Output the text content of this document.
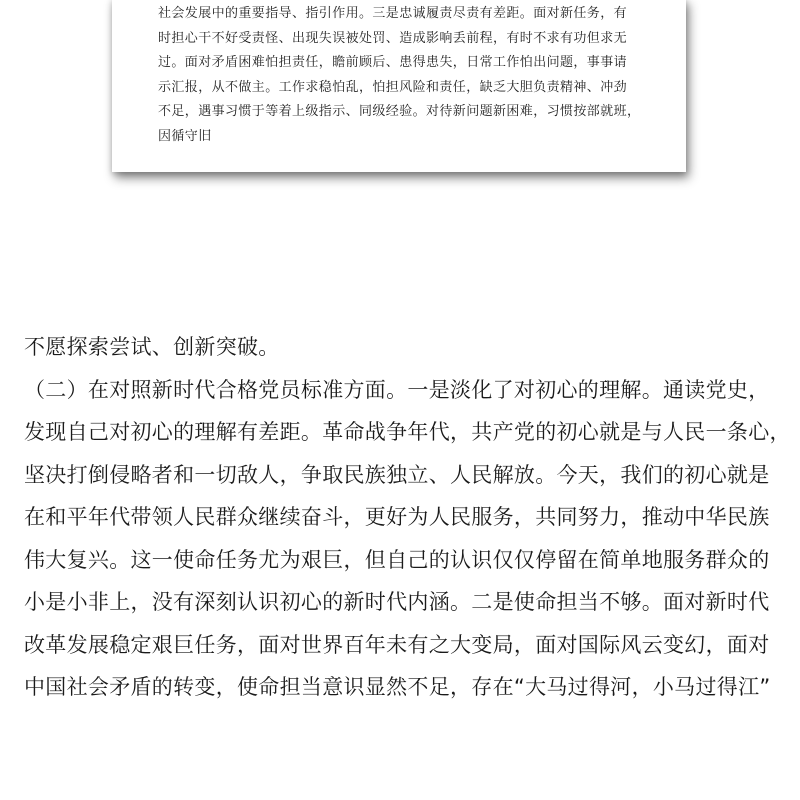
社会发展中的重要指导、指引作用。三是忠诚履责尽责有差距。面对新任务，有
时担心干不好受责怪、出现失误被处罚、造成影响丢前程，有时不求有功但求无
过。面对矛盾困难怕担责任，瞻前顾后、患得患失，日常工作怕出问题，事事请
示汇报，从不做主。工作求稳怕乱，怕担风险和责任，缺乏大胆负责精神、冲劲
不足，遇事习惯于等着上级指示、同级经验。对待新问题新困难，习惯按部就班，
因循守旧
不愿探索尝试、创新突破。
（二）在对照新时代合格党员标准方面。一是淡化了对初心的理解。通读党史，
发现自己对初心的理解有差距。革命战争年代，共产党的初心就是与人民一条心，
坚决打倒侵略者和一切敌人，争取民族独立、人民解放。今天，我们的初心就是
在和平年代带领人民群众继续奋斗，更好为人民服务，共同努力，推动中华民族
伟大复兴。这一使命任务尤为艰巨，但自己的认识仅仅停留在简单地服务群众的
小是小非上，没有深刻认识初心的新时代内涵。二是使命担当不够。面对新时代
改革发展稳定艰巨任务，面对世界百年未有之大变局，面对国际风云变幻，面对
中国社会矛盾的转变，使命担当意识显然不足，存在“大马过得河，小马过得江”
